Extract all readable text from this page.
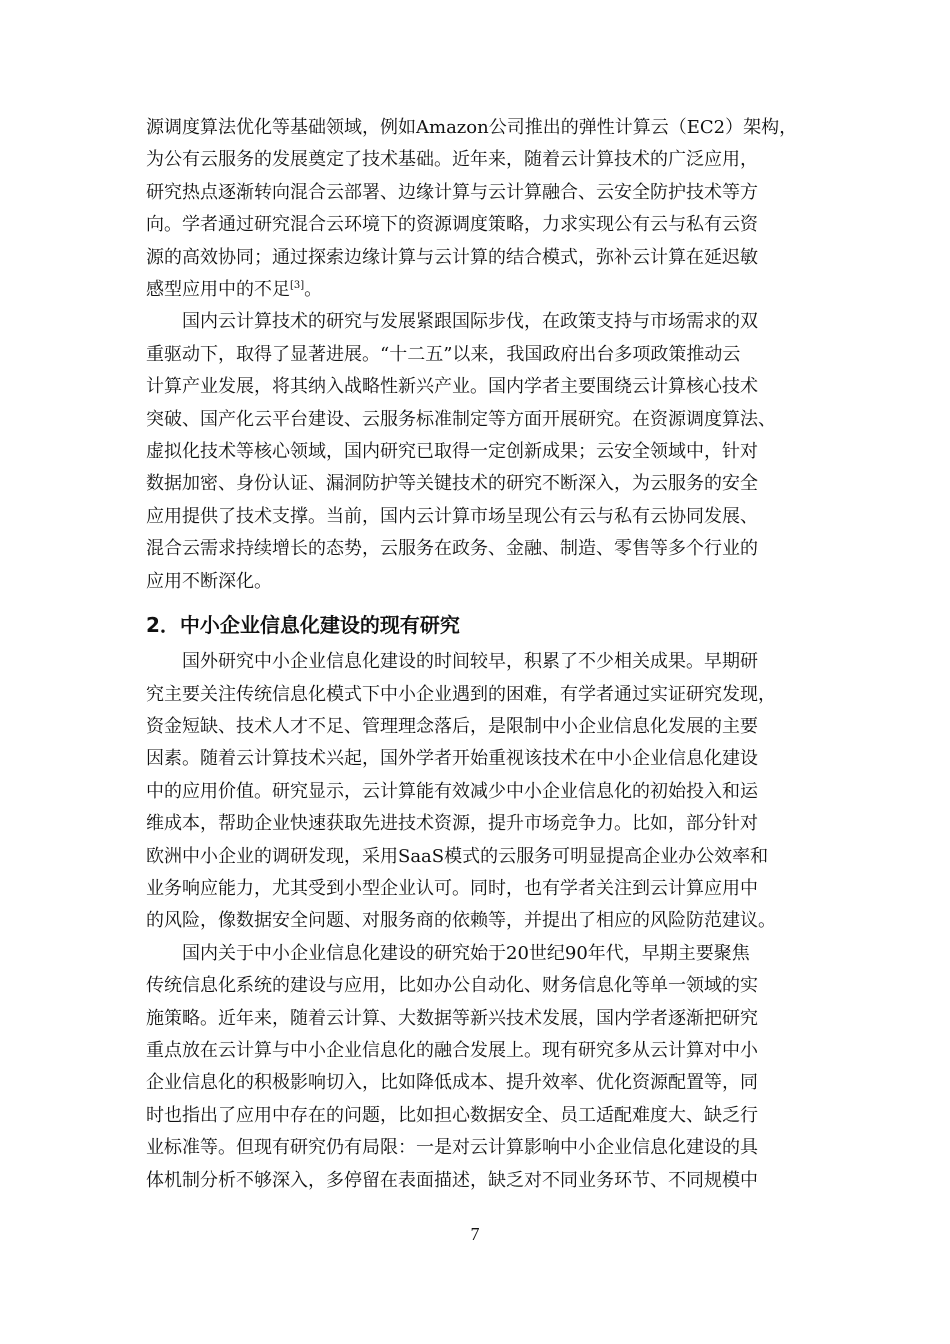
源调度算法优化等基础领域，例如Amazon公司推出的弹性计算云（EC2）架构，
为公有云服务的发展奠定了技术基础。近年来，随着云计算技术的广泛应用，
研究热点逐渐转向混合云部署、边缘计算与云计算融合、云安全防护技术等方
向。学者通过研究混合云环境下的资源调度策略，力求实现公有云与私有云资
源的高效协同；通过探索边缘计算与云计算的结合模式，弥补云计算在延迟敏
感型应用中的不足[3]。

国内云计算技术的研究与发展紧跟国际步伐，在政策支持与市场需求的双
重驱动下，取得了显著进展。“十二五”以来，我国政府出台多项政策推动云
计算产业发展，将其纳入战略性新兴产业。国内学者主要围绕云计算核心技术
突破、国产化云平台建设、云服务标准制定等方面开展研究。在资源调度算法、
虚拟化技术等核心领域，国内研究已取得一定创新成果；云安全领域中，针对
数据加密、身份认证、漏洞防护等关键技术的研究不断深入，为云服务的安全
应用提供了技术支撑。当前，国内云计算市场呈现公有云与私有云协同发展、
混合云需求持续增长的态势，云服务在政务、金融、制造、零售等多个行业的
应用不断深化。

2．中小企业信息化建设的现有研究

国外研究中小企业信息化建设的时间较早，积累了不少相关成果。早期研
究主要关注传统信息化模式下中小企业遇到的困难，有学者通过实证研究发现，
资金短缺、技术人才不足、管理理念落后，是限制中小企业信息化发展的主要
因素。随着云计算技术兴起，国外学者开始重视该技术在中小企业信息化建设
中的应用价值。研究显示，云计算能有效减少中小企业信息化的初始投入和运
维成本，帮助企业快速获取先进技术资源，提升市场竞争力。比如，部分针对
欧洲中小企业的调研发现，采用SaaS模式的云服务可明显提高企业办公效率和
业务响应能力，尤其受到小型企业认可。同时，也有学者关注到云计算应用中
的风险，像数据安全问题、对服务商的依赖等，并提出了相应的风险防范建议。

国内关于中小企业信息化建设的研究始于20世纪90年代，早期主要聚焦
传统信息化系统的建设与应用，比如办公自动化、财务信息化等单一领域的实
施策略。近年来，随着云计算、大数据等新兴技术发展，国内学者逐渐把研究
重点放在云计算与中小企业信息化的融合发展上。现有研究多从云计算对中小
企业信息化的积极影响切入，比如降低成本、提升效率、优化资源配置等，同
时也指出了应用中存在的问题，比如担心数据安全、员工适配难度大、缺乏行
业标准等。但现有研究仍有局限：一是对云计算影响中小企业信息化建设的具
体机制分析不够深入，多停留在表面描述，缺乏对不同业务环节、不同规模中

7
